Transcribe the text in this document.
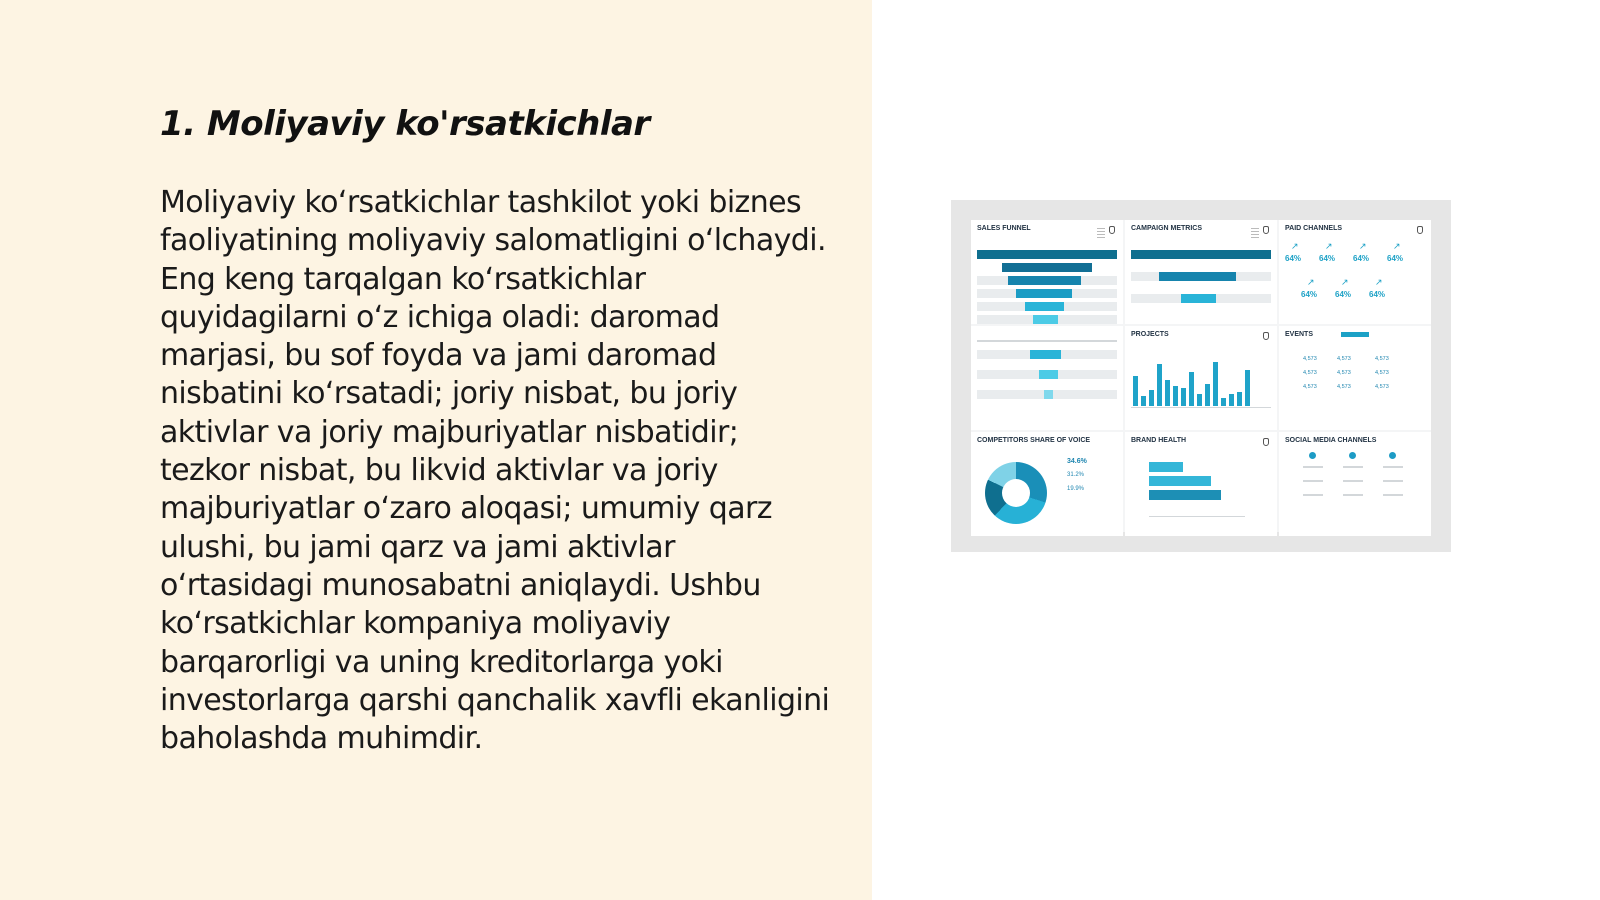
1. Moliyaviy ko'rsatkichlar

Moliyaviy koʻrsatkichlar tashkilot yoki biznes faoliyatining moliyaviy salomatligini oʻlchaydi. Eng keng tarqalgan koʻrsatkichlar quyidagilarni oʻz ichiga oladi: daromad marjasi, bu sof foyda va jami daromad nisbatini koʻrsatadi; joriy nisbat, bu joriy aktivlar va joriy majburiyatlar nisbatidir; tezkor nisbat, bu likvid aktivlar va joriy majburiyatlar oʻzaro aloqasi; umumiy qarz ulushi, bu jami qarz va jami aktivlar oʻrtasidagi munosabatni aniqlaydi. Ushbu koʻrsatkichlar kompaniya moliyaviy barqarorligi va uning kreditorlarga yoki investorlarga qarshi qanchalik xavfli ekanligini baholashda muhimdir.

SALES FUNNEL	CAMPAIGN METRICS	PAID CHANNELS
↗
64%
↗
64%
↗
64%
↗
64%
↗
64%
↗
64%
↗
64%
PROJECTS	EVENTS
4,573	4,573	4,573
4,573	4,573	4,573
4,573	4,573	4,573
COMPETITORS SHARE OF VOICE
34.6%
31.2%
19.9%
BRAND HEALTH	SOCIAL MEDIA CHANNELS
